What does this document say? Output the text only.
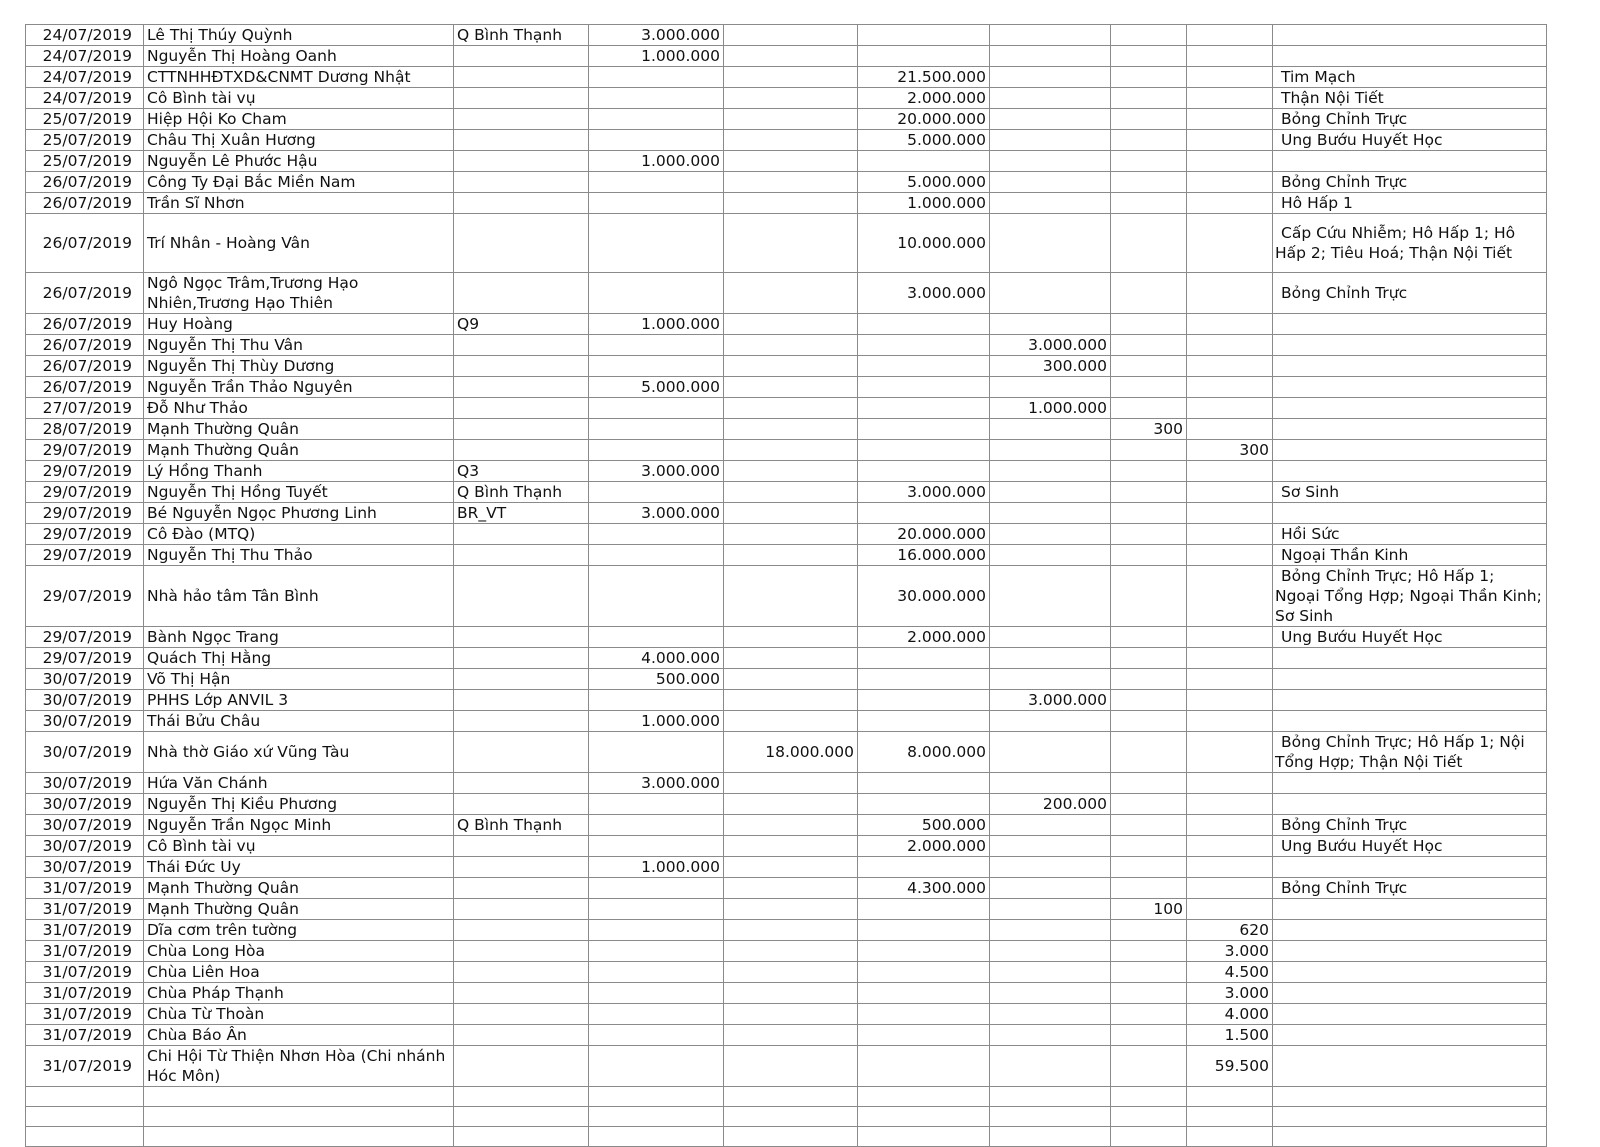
24/07/2019	Lê Thị Thúy Quỳnh	Q Bình Thạnh	3.000.000						
24/07/2019	Nguyễn Thị Hoàng Oanh		1.000.000						
24/07/2019	CTTNHHĐTXD&CNMT Dương Nhật				21.500.000				Tim Mạch
24/07/2019	Cô Bình tài vụ				2.000.000				Thận Nội Tiết
25/07/2019	Hiệp Hội Ko Cham				20.000.000				Bỏng Chỉnh Trực
25/07/2019	Châu Thị Xuân Hương				5.000.000				Ung Bướu Huyết Học
25/07/2019	Nguyễn Lê Phước Hậu		1.000.000						
26/07/2019	Công Ty Đại Bắc Miền Nam				5.000.000				Bỏng Chỉnh Trực
26/07/2019	Trần Sĩ Nhơn				1.000.000				Hô Hấp 1
26/07/2019	Trí Nhân - Hoàng Vân				10.000.000				Cấp Cứu Nhiễm; Hô Hấp 1; Hô Hấp 2; Tiêu Hoá; Thận Nội Tiết
26/07/2019	Ngô Ngọc Trâm,Trương Hạo Nhiên,Trương Hạo Thiên				3.000.000				Bỏng Chỉnh Trực
26/07/2019	Huy Hoàng	Q9	1.000.000						
26/07/2019	Nguyễn Thị Thu Vân					3.000.000			
26/07/2019	Nguyễn Thị Thùy Dương					300.000			
26/07/2019	Nguyễn Trần Thảo Nguyên		5.000.000						
27/07/2019	Đỗ Như Thảo					1.000.000			
28/07/2019	Mạnh Thường Quân						300		
29/07/2019	Mạnh Thường Quân							300	
29/07/2019	Lý Hồng Thanh	Q3	3.000.000						
29/07/2019	Nguyễn Thị Hồng Tuyết	Q Bình Thạnh			3.000.000				Sơ Sinh
29/07/2019	Bé Nguyễn Ngọc Phương Linh	BR_VT	3.000.000						
29/07/2019	Cô Đào (MTQ)				20.000.000				Hồi Sức
29/07/2019	Nguyễn Thị Thu Thảo				16.000.000				Ngoại Thần Kinh
29/07/2019	Nhà hảo tâm Tân Bình				30.000.000				Bỏng Chỉnh Trực; Hô Hấp 1; Ngoại Tổng Hợp; Ngoại Thần Kinh; Sơ Sinh
29/07/2019	Bành Ngọc Trang				2.000.000				Ung Bướu Huyết Học
29/07/2019	Quách Thị Hằng		4.000.000						
30/07/2019	Võ Thị Hận		500.000						
30/07/2019	PHHS Lớp ANVIL 3					3.000.000			
30/07/2019	Thái Bửu Châu		1.000.000						
30/07/2019	Nhà thờ Giáo xứ Vũng Tàu			18.000.000	8.000.000				Bỏng Chỉnh Trực; Hô Hấp 1; Nội Tổng Hợp; Thận Nội Tiết
30/07/2019	Hứa Văn Chánh		3.000.000						
30/07/2019	Nguyễn Thị Kiều Phương					200.000			
30/07/2019	Nguyễn Trần Ngọc Minh	Q Bình Thạnh			500.000				Bỏng Chỉnh Trực
30/07/2019	Cô Bình tài vụ				2.000.000				Ung Bướu Huyết Học
30/07/2019	Thái Đức Uy		1.000.000						
31/07/2019	Mạnh Thường Quân				4.300.000				Bỏng Chỉnh Trực
31/07/2019	Mạnh Thường Quân						100		
31/07/2019	Dĩa cơm trên tường							620	
31/07/2019	Chùa Long Hòa							3.000	
31/07/2019	Chùa Liên Hoa							4.500	
31/07/2019	Chùa Pháp Thạnh							3.000	
31/07/2019	Chùa Từ Thoàn							4.000	
31/07/2019	Chùa Báo Ân							1.500	
31/07/2019	Chi Hội Từ Thiện Nhơn Hòa (Chi nhánh Hóc Môn)							59.500	
